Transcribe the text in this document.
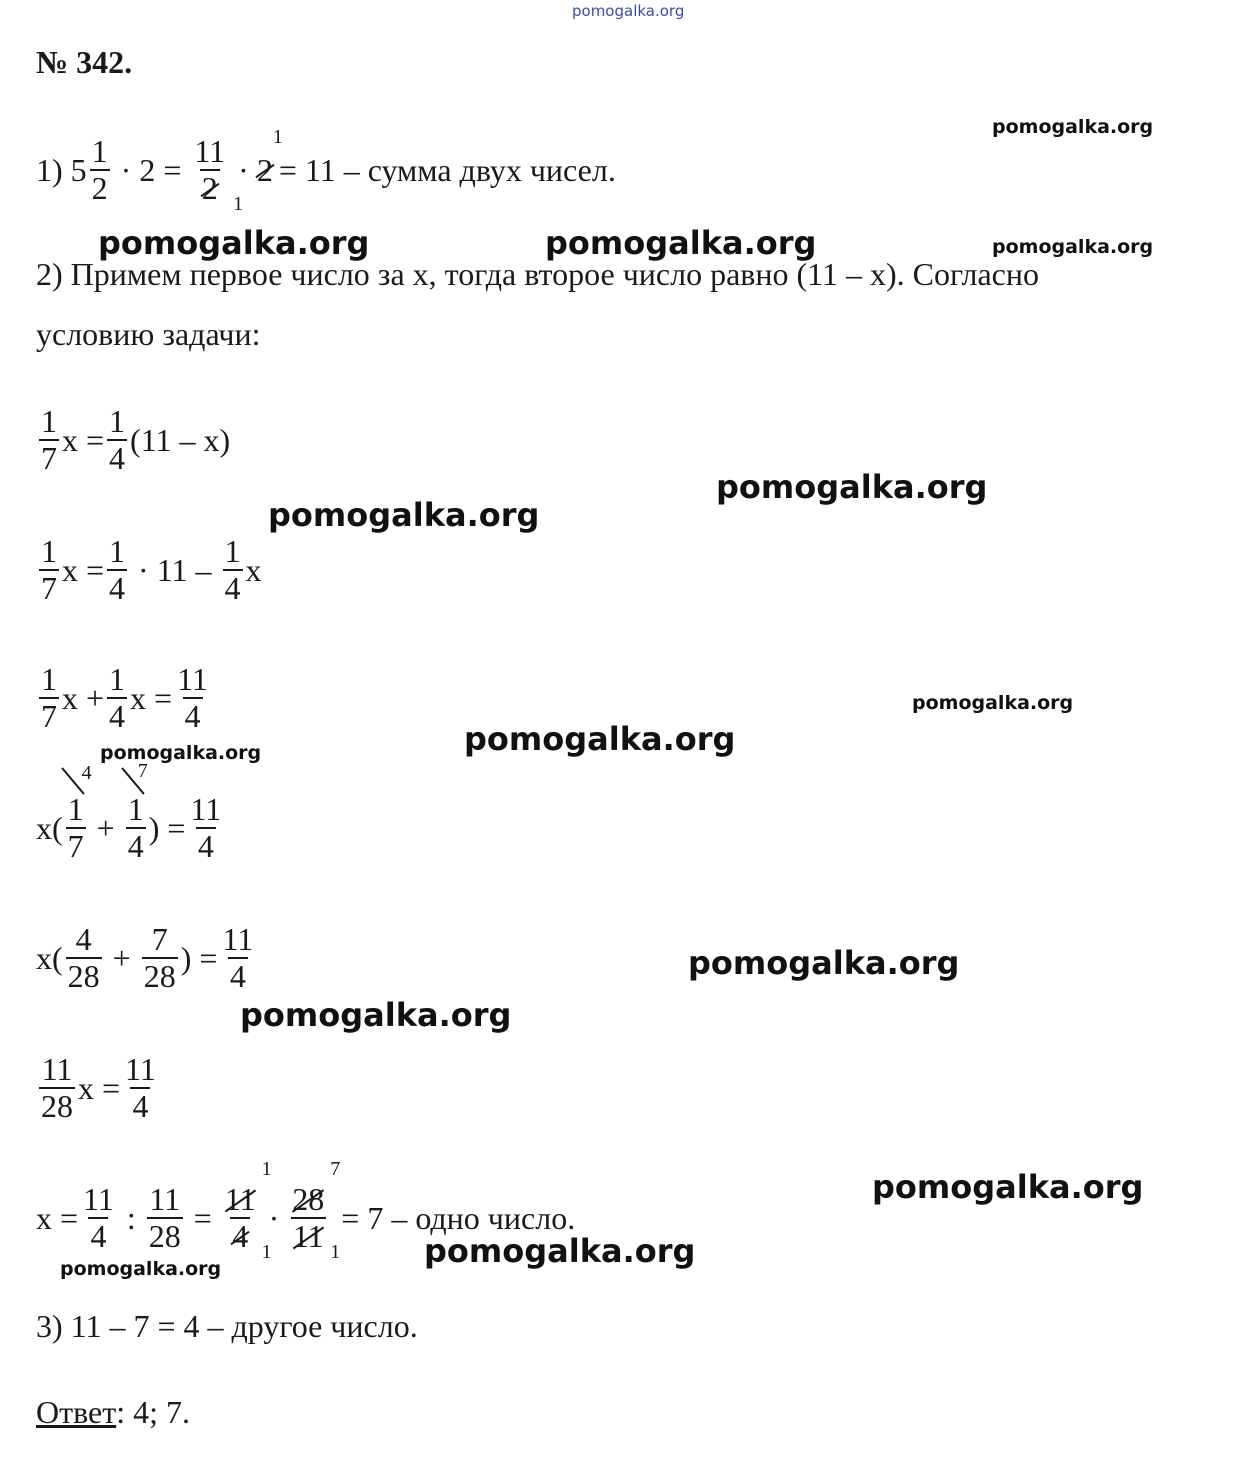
pomogalka.org
№ 342.
1) $5 \frac{1}{2} \cdot 2$ =
11
2 1
· 2
1
= 11 – сумма двух чисел.
2) Примем первое число за x, тогда второе число равно (11 – x). Согласно
условию задачи:
$\frac{1}{7}$ $x = \frac{1}{4} (11 - x)$
$\frac{1}{7}$ $x = \frac{1}{4} \cdot 11 - \frac{1}{4}$ x
$\frac{1}{7}$ $x + \frac{1}{4}$ $x = \frac{11}{4}$
x(
1
7
4
+
1
4
7
) = $\frac{11}{4}$
$x( \frac{4}{28} + \frac{7}{28}$ ) = $\frac{11}{4}$
$\frac{11}{28}$ $x = \frac{11}{4}$
$x = \frac{11}{4}$ : $\frac{11}{28}$ =
11
4
1
1
·
28
11
7
1
= 7 – одно число.
3) 11 – 7 = 4 – другое число.
Ответ: 4; 7.
pomogalka.org
pomogalka.org	pomogalka.org	pomogalka.org
pomogalka.org
pomogalka.org
pomogalka.org
pomogalka.org
pomogalka.org
pomogalka.org
pomogalka.org
pomogalka.org
pomogalka.org
pomogalka.org
